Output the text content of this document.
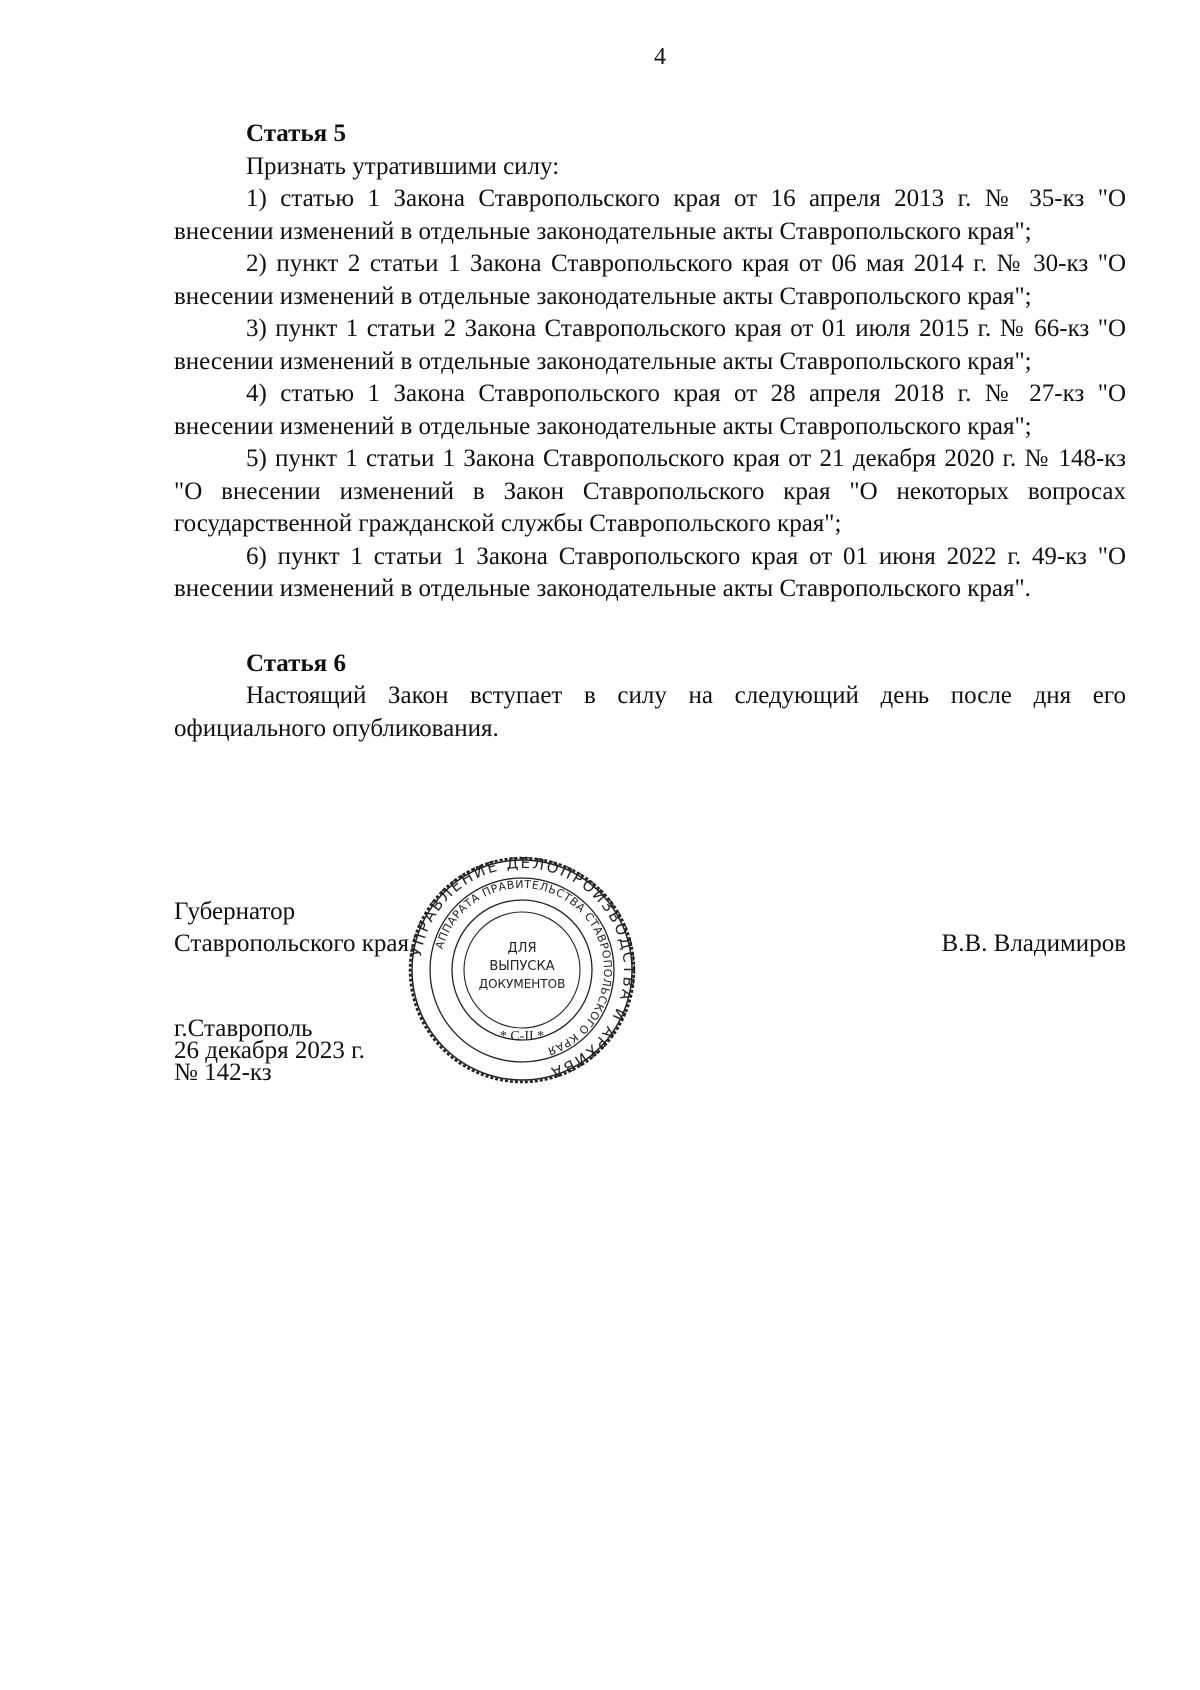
4

Статья 5

Признать утратившими силу:

1) статью 1 Закона Ставропольского края от 16 апреля 2013 г. № 35-кз "О внесении изменений в отдельные законодательные акты Ставропольского края";

2) пункт 2 статьи 1 Закона Ставропольского края от 06 мая 2014 г. № 30-кз "О внесении изменений в отдельные законодательные акты Ставропольского края";

3) пункт 1 статьи 2 Закона Ставропольского края от 01 июля 2015 г. № 66-кз "О внесении изменений в отдельные законодательные акты Ставропольского края";

4) статью 1 Закона Ставропольского края от 28 апреля 2018 г. № 27-кз "О внесении изменений в отдельные законодательные акты Ставропольского края";

5) пункт 1 статьи 1 Закона Ставропольского края от 21 декабря 2020 г. № 148-кз "О внесении изменений в Закон Ставропольского края "О некоторых вопросах государственной гражданской службы Ставропольского края";

6) пункт 1 статьи 1 Закона Ставропольского края от 01 июня 2022 г. 49-кз "О внесении изменений в отдельные законодательные акты Ставропольского края".

Статья 6

Настоящий Закон вступает в силу на следующий день после дня его официального опубликования.

Губернатор
Ставропольского края	В.В. Владимиров
г.Ставрополь
26 декабря 2023 г.
№ 142-кз
УПРАВЛЕНИЕ ДЕЛОПРОИЗВОДСТВА И АРХИВА
АППАРАТА ПРАВИТЕЛЬСТВА СТАВРОПОЛЬСКОГО КРАЯ
ДЛЯ
ВЫПУСКА
ДОКУМЕНТОВ
* С-II *
